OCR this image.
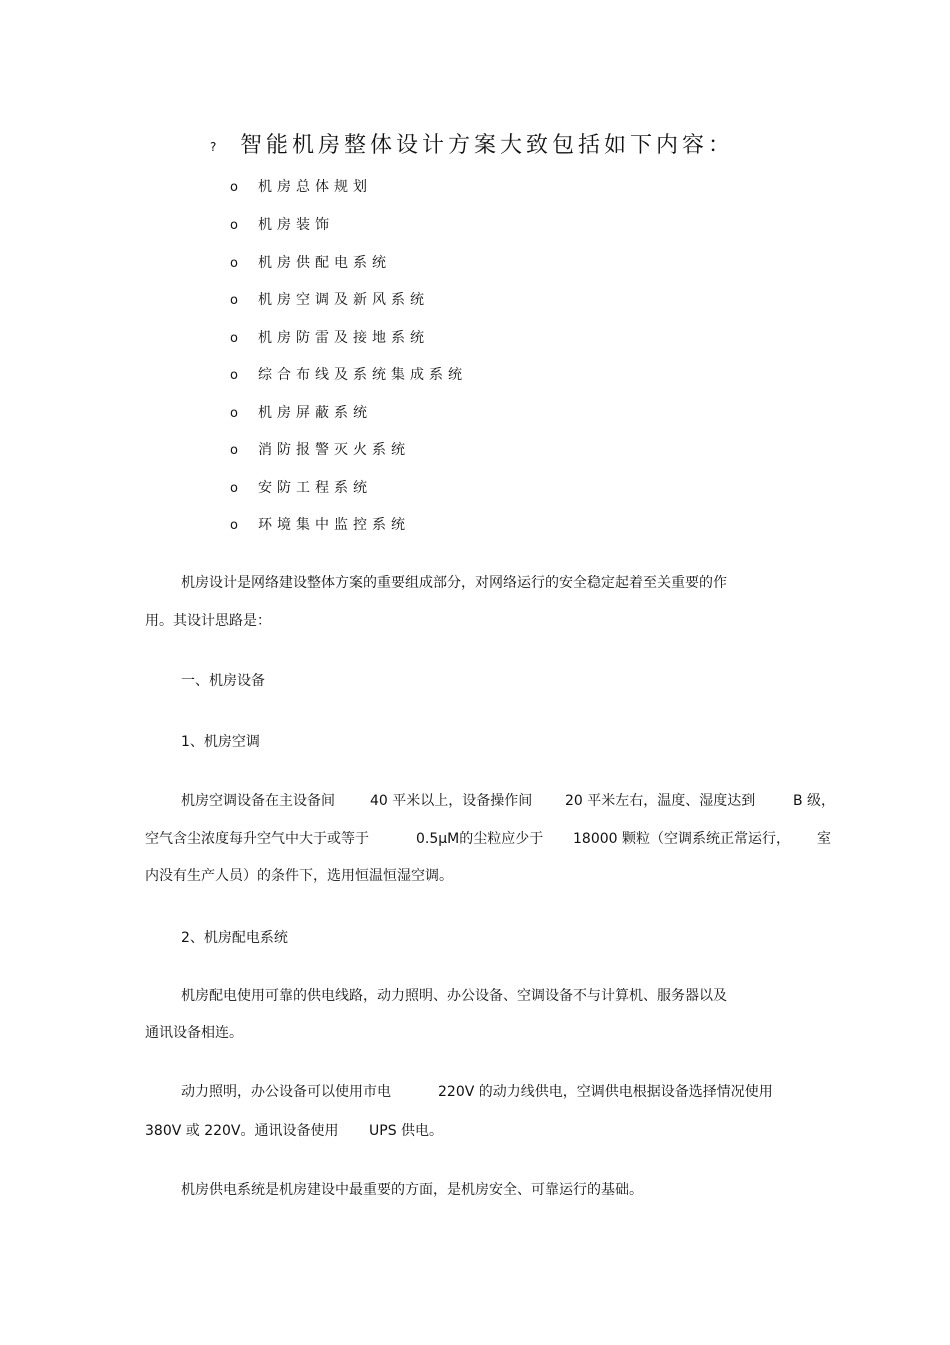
? 智能机房整体设计方案大致包括如下内容：
o 机房总体规划
o 机房装饰
o 机房供配电系统
o 机房空调及新风系统
o 机房防雷及接地系统
o 综合布线及系统集成系统
o 机房屏蔽系统
o 消防报警灭火系统
o 安防工程系统
o 环境集中监控系统
机房设计是网络建设整体方案的重要组成部分，对网络运行的安全稳定起着至关重要的作
用。其设计思路是：
一、机房设备
1、机房空调
机房空调设备在主设备间	40 平米以上，设备操作间 20 平米左右，温度、湿度达到	B 级，
空气含尘浓度每升空气中大于或等于	0.5μM的尘粒应少于 18000 颗粒（空调系统正常运行， 室
内没有生产人员）的条件下，选用恒温恒湿空调。
2、机房配电系统
机房配电使用可靠的供电线路，动力照明、办公设备、空调设备不与计算机、服务器以及
通讯设备相连。
动力照明，办公设备可以使用市电	220V 的动力线供电，空调供电根据设备选择情况使用
380V 或 220V。通讯设备使用 UPS 供电。
机房供电系统是机房建设中最重要的方面，是机房安全、可靠运行的基础。
